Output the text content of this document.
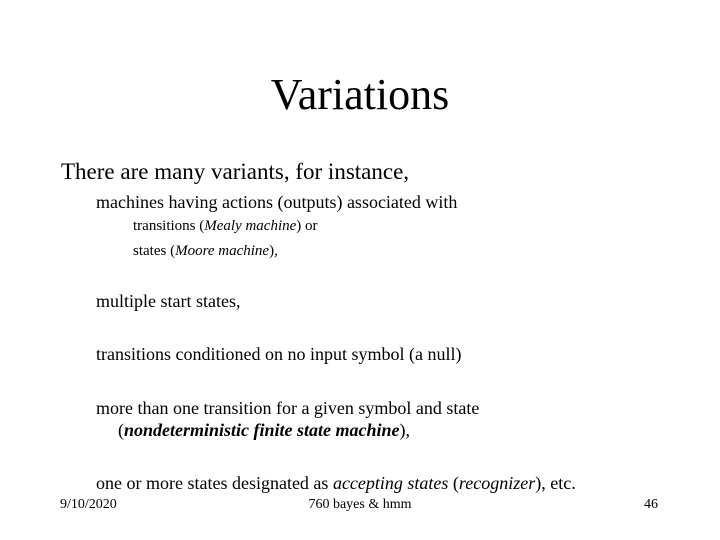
Variations
There are many variants, for instance,
machines having actions (outputs) associated with
transitions (Mealy machine) or
states (Moore machine),
multiple start states,
transitions conditioned on no input symbol (a null)
more than one transition for a given symbol and state
(nondeterministic finite state machine),
one or more states designated as accepting states (recognizer), etc.
9/10/2020	760 bayes & hmm	46
